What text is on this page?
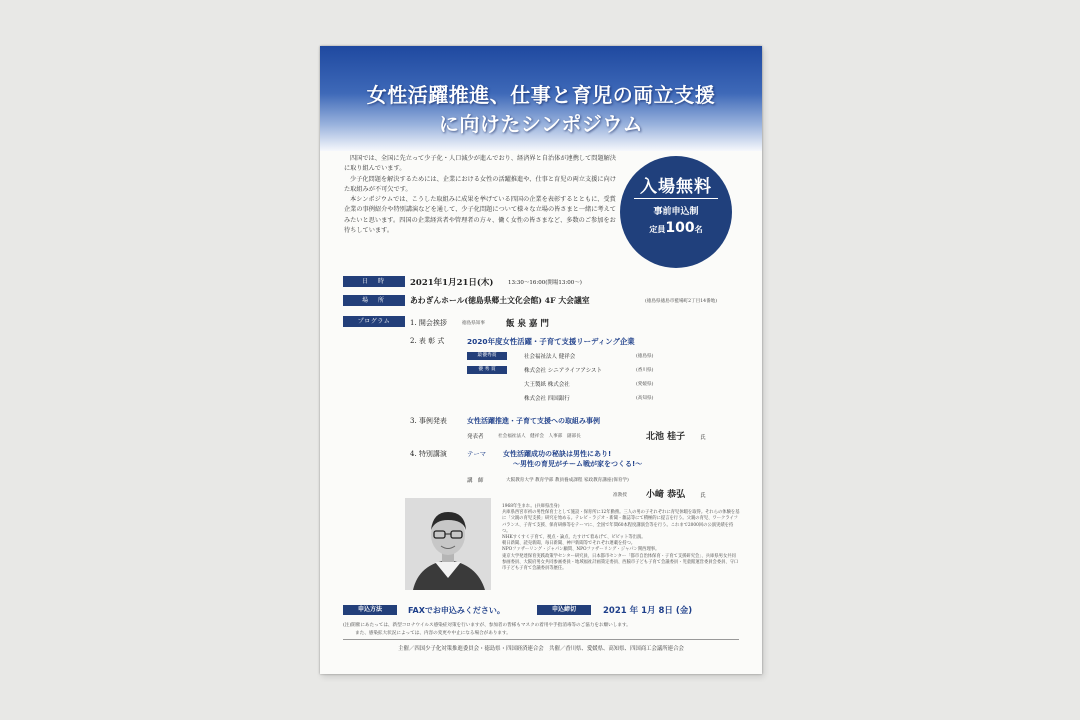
女性活躍推進、仕事と育児の両立支援
に向けたシンポジウム

四国では、全国に先立って少子化・人口減少が進んでおり、経済界と自治体が連携して問題解決に取り組んでいます。

少子化問題を解決するためには、企業における女性の活躍推進や、仕事と育児の両立支援に向けた取組みが不可欠です。

本シンポジウムでは、こうした取組みに成果を挙げている四国の企業を表彰するとともに、受賞企業の事例紹介や特別講演などを通して、少子化問題について様々な立場の皆さまと一緒に考えてみたいと思います。四国の企業経営者や管理者の方々、働く女性の皆さまなど、多数のご参加をお待ちしています。

入場無料
事前申込制
定員100名
日　時	2021年1月21日(木)	13:30～16:00(開場13:00～)
場　所	あわぎんホール(徳島県郷土文化会館) 4F 大会議室	(徳島県徳島市藍場町2丁目14番地)
プログラム	1. 開会挨拶	徳島県知事 飯 泉 嘉 門
2. 表 彰 式	2020年度女性活躍・子育て支援リーディング企業
最優秀賞	社会福祉法人 健祥会	(徳島県)
優 秀 賞	株式会社 シニアライフアシスト	(香川県)
大王製紙 株式会社	(愛媛県)
株式会社 四国銀行	(高知県)
3. 事例発表	女性活躍推進・子育て支援への取組み事例
発表者	社会福祉法人　健祥会　人事部　副部長	北池 桂子	氏
4. 特別講演	テーマ 女性活躍成功の秘訣は男性にあり!
～男性の育児がチーム戦が家をつくる!～
講　師	大阪教育大学 教育学部 教員養成課程 家政教育講座(保育学)
准教授 小﨑 恭弘	氏

1968年生まれ。(兵庫県出身)

兵庫県西宮市初の男性保育士として施設・保育所に12年勤務。三人の男の子それぞれに育児休暇を取得。それらの体験を基に「父親の育児支援」研究を始める。テレビ・ラジオ・新聞・雑誌等にて積極的に提言を行う。父親の育児、ワークライフバランス、子育て支援、保育研修等をテーマに、全国で年間60本程度講演会等を行う。これまで2000回の公演実績を持つ。

NHKすくすく子育て、視点・論点、たすけて着あげて、ビビット等出演。

朝日新聞、読売新聞、毎日新聞、神戸新聞等でそれぞれ連載を持つ。

NPOファザーリング・ジャパン顧問、NPOファザーリング・ジャパン関西理事。

東京大学発達保育実践政策学センター研究員、日本都市センター「都市自治体保育・子育て支援研究会」、兵庫県男女共同参画委員、大阪府男女共同参画委員・地域福祉計画策定委員、西脇市子ども子育て会議委員・児童館運営委員会委員、守口市子ども子育て会議委員等歴任。

申込方法	FAXでお申込みください。	申込締切	2021 年 1月 8日 (金)

(注)開催にあたっては、新型コロナウイルス感染症対策を行いますが、参加者の皆様もマスクの着用や手指消毒等のご協力をお願いします。

また、感染拡大状況によっては、内容の変更や中止になる場合があります。

主催／四国少子化対策推進委員会・徳島県・四国経済連合会　共催／香川県、愛媛県、高知県、四国商工会議所連合会
